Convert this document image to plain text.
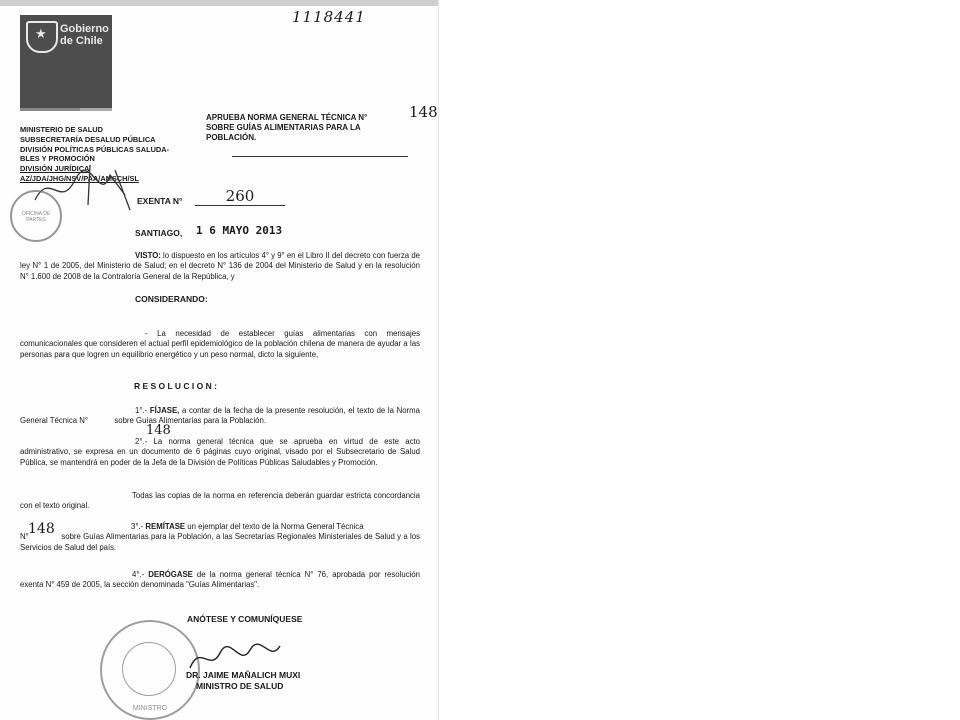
1118441
★ Gobierno
de Chile
148
APRUEBA NORMA GENERAL TÉCNICA N°
SOBRE GUÍAS ALIMENTARIAS PARA LA
POBLACIÓN.
MINISTERIO DE SALUD
SUBSECRETARÍA DESALUD PÚBLICA
DIVISIÓN POLÍTICAS PÚBLICAS SALUDA-
BLES Y PROMOCIÓN
DIVISIÓN JURÍDICA
AZ/JDA/JHG/NSV/PAA/AMSCH/SL
OFICINA DE PARTES
EXENTA N°	260
SANTIAGO, 1 6 MAYO 2013
VISTO: lo dispuesto en los artículos 4° y 9° en el Libro II del decreto con fuerza de ley N° 1 de 2005, del Ministerio de Salud; en el decreto N° 136 de 2004 del Ministerio de Salud y en la resolución N° 1.600 de 2008 de la Contraloría General de la República, y
CONSIDERANDO:
- La necesidad de establecer guías alimentarias con mensajes comunicacionales que consideren el actual perfil epidemiológico de la población chilena de manera de ayudar a las personas para que logren un equilibrio energético y un peso normal, dicto la siguiente,
R E S O L U C I O N :
1°.- FÍJASE, a contar de la fecha de la presente resolución, el texto de la Norma General Técnica N°	sobre Guías Alimentarias para la Población.
148
2°.- La norma general técnica que se aprueba en virtud de este acto administrativo, se expresa en un documento de 6 páginas cuyo original, visado por el Subsecretario de Salud Pública, se mantendrá en poder de la Jefa de la División de Políticas Públicas Saludables y Promoción.
Todas las copias de la norma en referencia deberán guardar estricta concordancia con el texto original.
3°.- REMÍTASE un ejemplar del texto de la Norma General Técnica
N°	sobre Guías Alimentarias para la Población, a las Secretarías Regionales Ministeriales de Salud y a los Servicios de Salud del país.
148
4°.- DERÓGASE de la norma general técnica N° 76, aprobada por resolución exenta N° 459 de 2005, la sección denominada "Guías Alimentarias".
ANÓTESE Y COMUNÍQUESE
MINISTRO
DR. JAIME MAÑALICH MUXI
MINISTRO DE SALUD
